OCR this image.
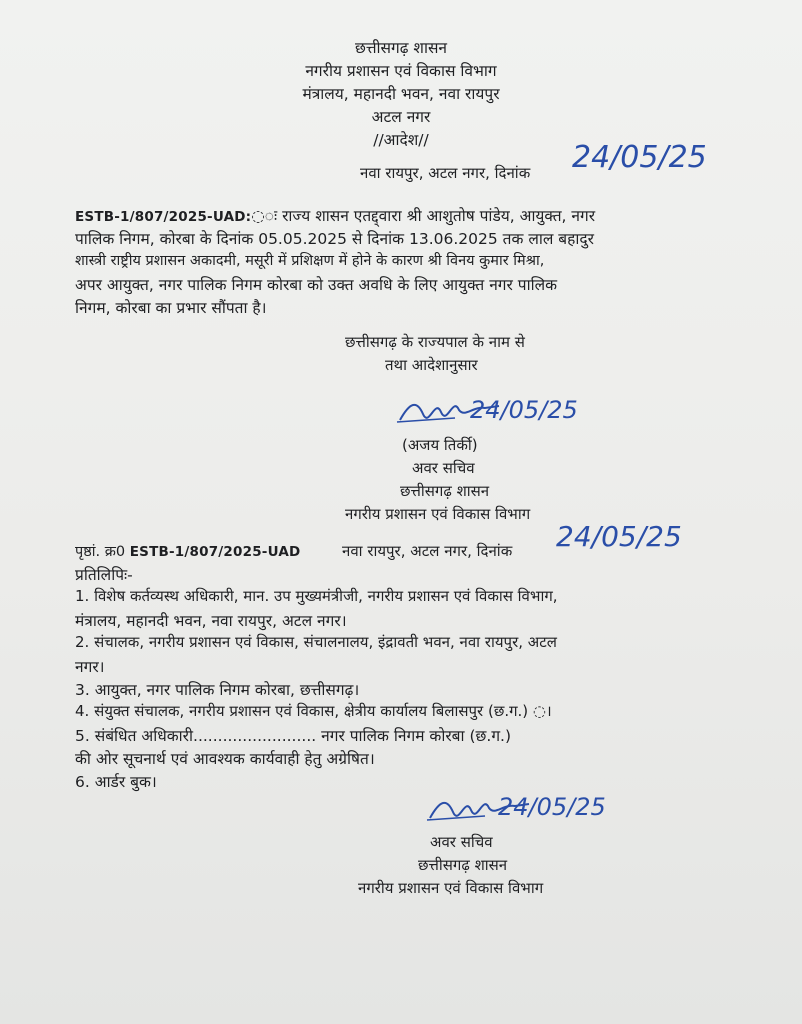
छत्तीसगढ़ शासन
नगरीय प्रशासन एवं विकास विभाग
मंत्रालय, महानदी भवन, नवा रायपुर
अटल नगर
//आदेश//
नवा रायपुर, अटल नगर, दिनांक 24/05/25
ESTB-1/807/2025-UAD:◌ः राज्य शासन एतद्द्वारा श्री आशुतोष पांडेय, आयुक्त, नगर
पालिक निगम, कोरबा के दिनांक 05.05.2025 से दिनांक 13.06.2025 तक लाल बहादुर
शास्त्री राष्ट्रीय प्रशासन अकादमी, मसूरी में प्रशिक्षण में होने के कारण श्री विनय कुमार मिश्रा,
अपर आयुक्त, नगर पालिक निगम कोरबा को उक्त अवधि के लिए आयुक्त नगर पालिक
निगम, कोरबा का प्रभार सौंपता है।
छत्तीसगढ़ के राज्यपाल के नाम से
तथा आदेशानुसार
24/05/25
(अजय तिर्की)
अवर सचिव
छत्तीसगढ़ शासन
नगरीय प्रशासन एवं विकास विभाग
पृष्ठां. क्र0 ESTB-1/807/2025-UAD	नवा रायपुर, अटल नगर, दिनांक 24/05/25
प्रतिलिपिः-
1. विशेष कर्तव्यस्थ अधिकारी, मान. उप मुख्यमंत्रीजी, नगरीय प्रशासन एवं विकास विभाग,
मंत्रालय, महानदी भवन, नवा रायपुर, अटल नगर।
2. संचालक, नगरीय प्रशासन एवं विकास, संचालनालय, इंद्रावती भवन, नवा रायपुर, अटल
नगर।
3. आयुक्त, नगर पालिक निगम कोरबा, छत्तीसगढ़।
4. संयुक्त संचालक, नगरीय प्रशासन एवं विकास, क्षेत्रीय कार्यालय बिलासपुर (छ.ग.) ◌।
5. संबंधित अधिकारी......................... नगर पालिक निगम कोरबा (छ.ग.)
की ओर सूचनार्थ एवं आवश्यक कार्यवाही हेतु अग्रेषित।
6. आर्डर बुक।
24/05/25
अवर सचिव
छत्तीसगढ़ शासन
नगरीय प्रशासन एवं विकास विभाग
